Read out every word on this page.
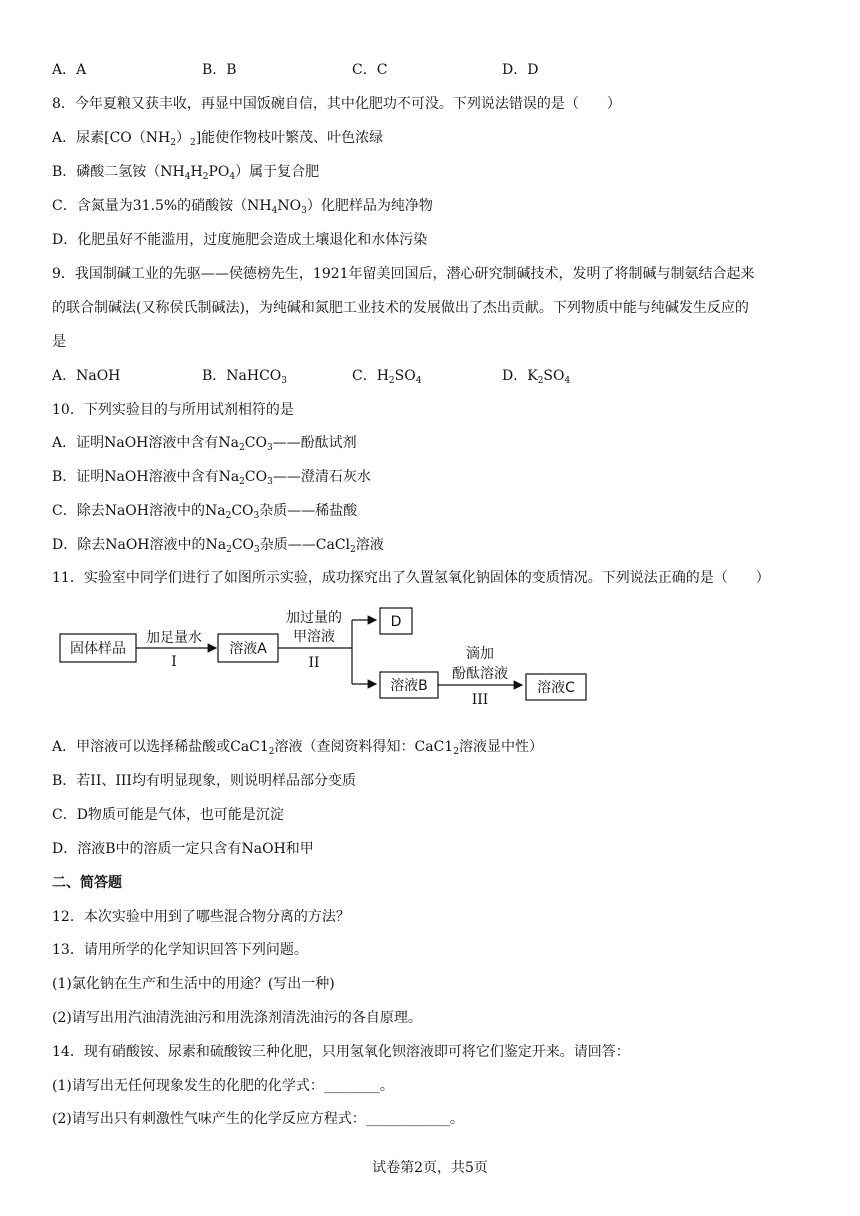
A．A	B．B	C．C	D．D
8．今年夏粮又获丰收，再显中国饭碗自信，其中化肥功不可没。下列说法错误的是（　　）
A．尿素$[CO(NH_2)_2]$能使作物枝叶繁茂、叶色浓绿
B．磷酸二氢铵$(NH_4H_2PO_4)$属于复合肥
C．含氮量为31.5%的硝酸铵$(NH_4NO_3)$化肥样品为纯净物
D．化肥虽好不能滥用，过度施肥会造成土壤退化和水体污染
9．我国制碱工业的先驱——侯德榜先生，1921年留美回国后，潜心研究制碱技术，发明了将制碱与制氨结合起来
的联合制碱法(又称侯氏制碱法)，为纯碱和氮肥工业技术的发展做出了杰出贡献。下列物质中能与纯碱发生反应的
是
A．NaOH	B．NaHCO$_3$	C．$H_2SO_4$	D．$K_2SO_4$
10．下列实验目的与所用试剂相符的是
A．证明NaOH溶液中含有$Na_2CO_3——$酚酞试剂
B．证明NaOH溶液中含有$Na_2CO_3——$澄清石灰水
C．除去NaOH溶液中的$Na_2CO_3$杂质——稀盐酸
D．除去NaOH溶液中的$Na_2CO_3$杂质——CaCl$_2$溶液
11．实验室中同学们进行了如图所示实验，成功探究出了久置氢氧化钠固体的变质情况。下列说法正确的是（　　）
固体样品
加足量水
I
溶液A
加过量的
甲溶液
II
D
溶液B
滴加
酚酞溶液
III
溶液C
A．甲溶液可以选择稀盐酸或$CaC1_2$溶液（查阅资料得知：$CaC1_2$溶液显中性）
B．若II、III均有明显现象，则说明样品部分变质
C．D物质可能是气体，也可能是沉淀
D．溶液B中的溶质一定只含有NaOH和甲
二、简答题
12．本次实验中用到了哪些混合物分离的方法？
13．请用所学的化学知识回答下列问题。
(1)氯化钠在生产和生活中的用途？(写出一种)
(2)请写出用汽油清洗油污和用洗涤剂清洗油污的各自原理。
14．现有硝酸铵、尿素和硫酸铵三种化肥，只用氢氧化钡溶液即可将它们鉴定开来。请回答：
(1)请写出无任何现象发生的化肥的化学式：________。
(2)请写出只有刺激性气味产生的化学反应方程式：____________。
试卷第2页，共5页
